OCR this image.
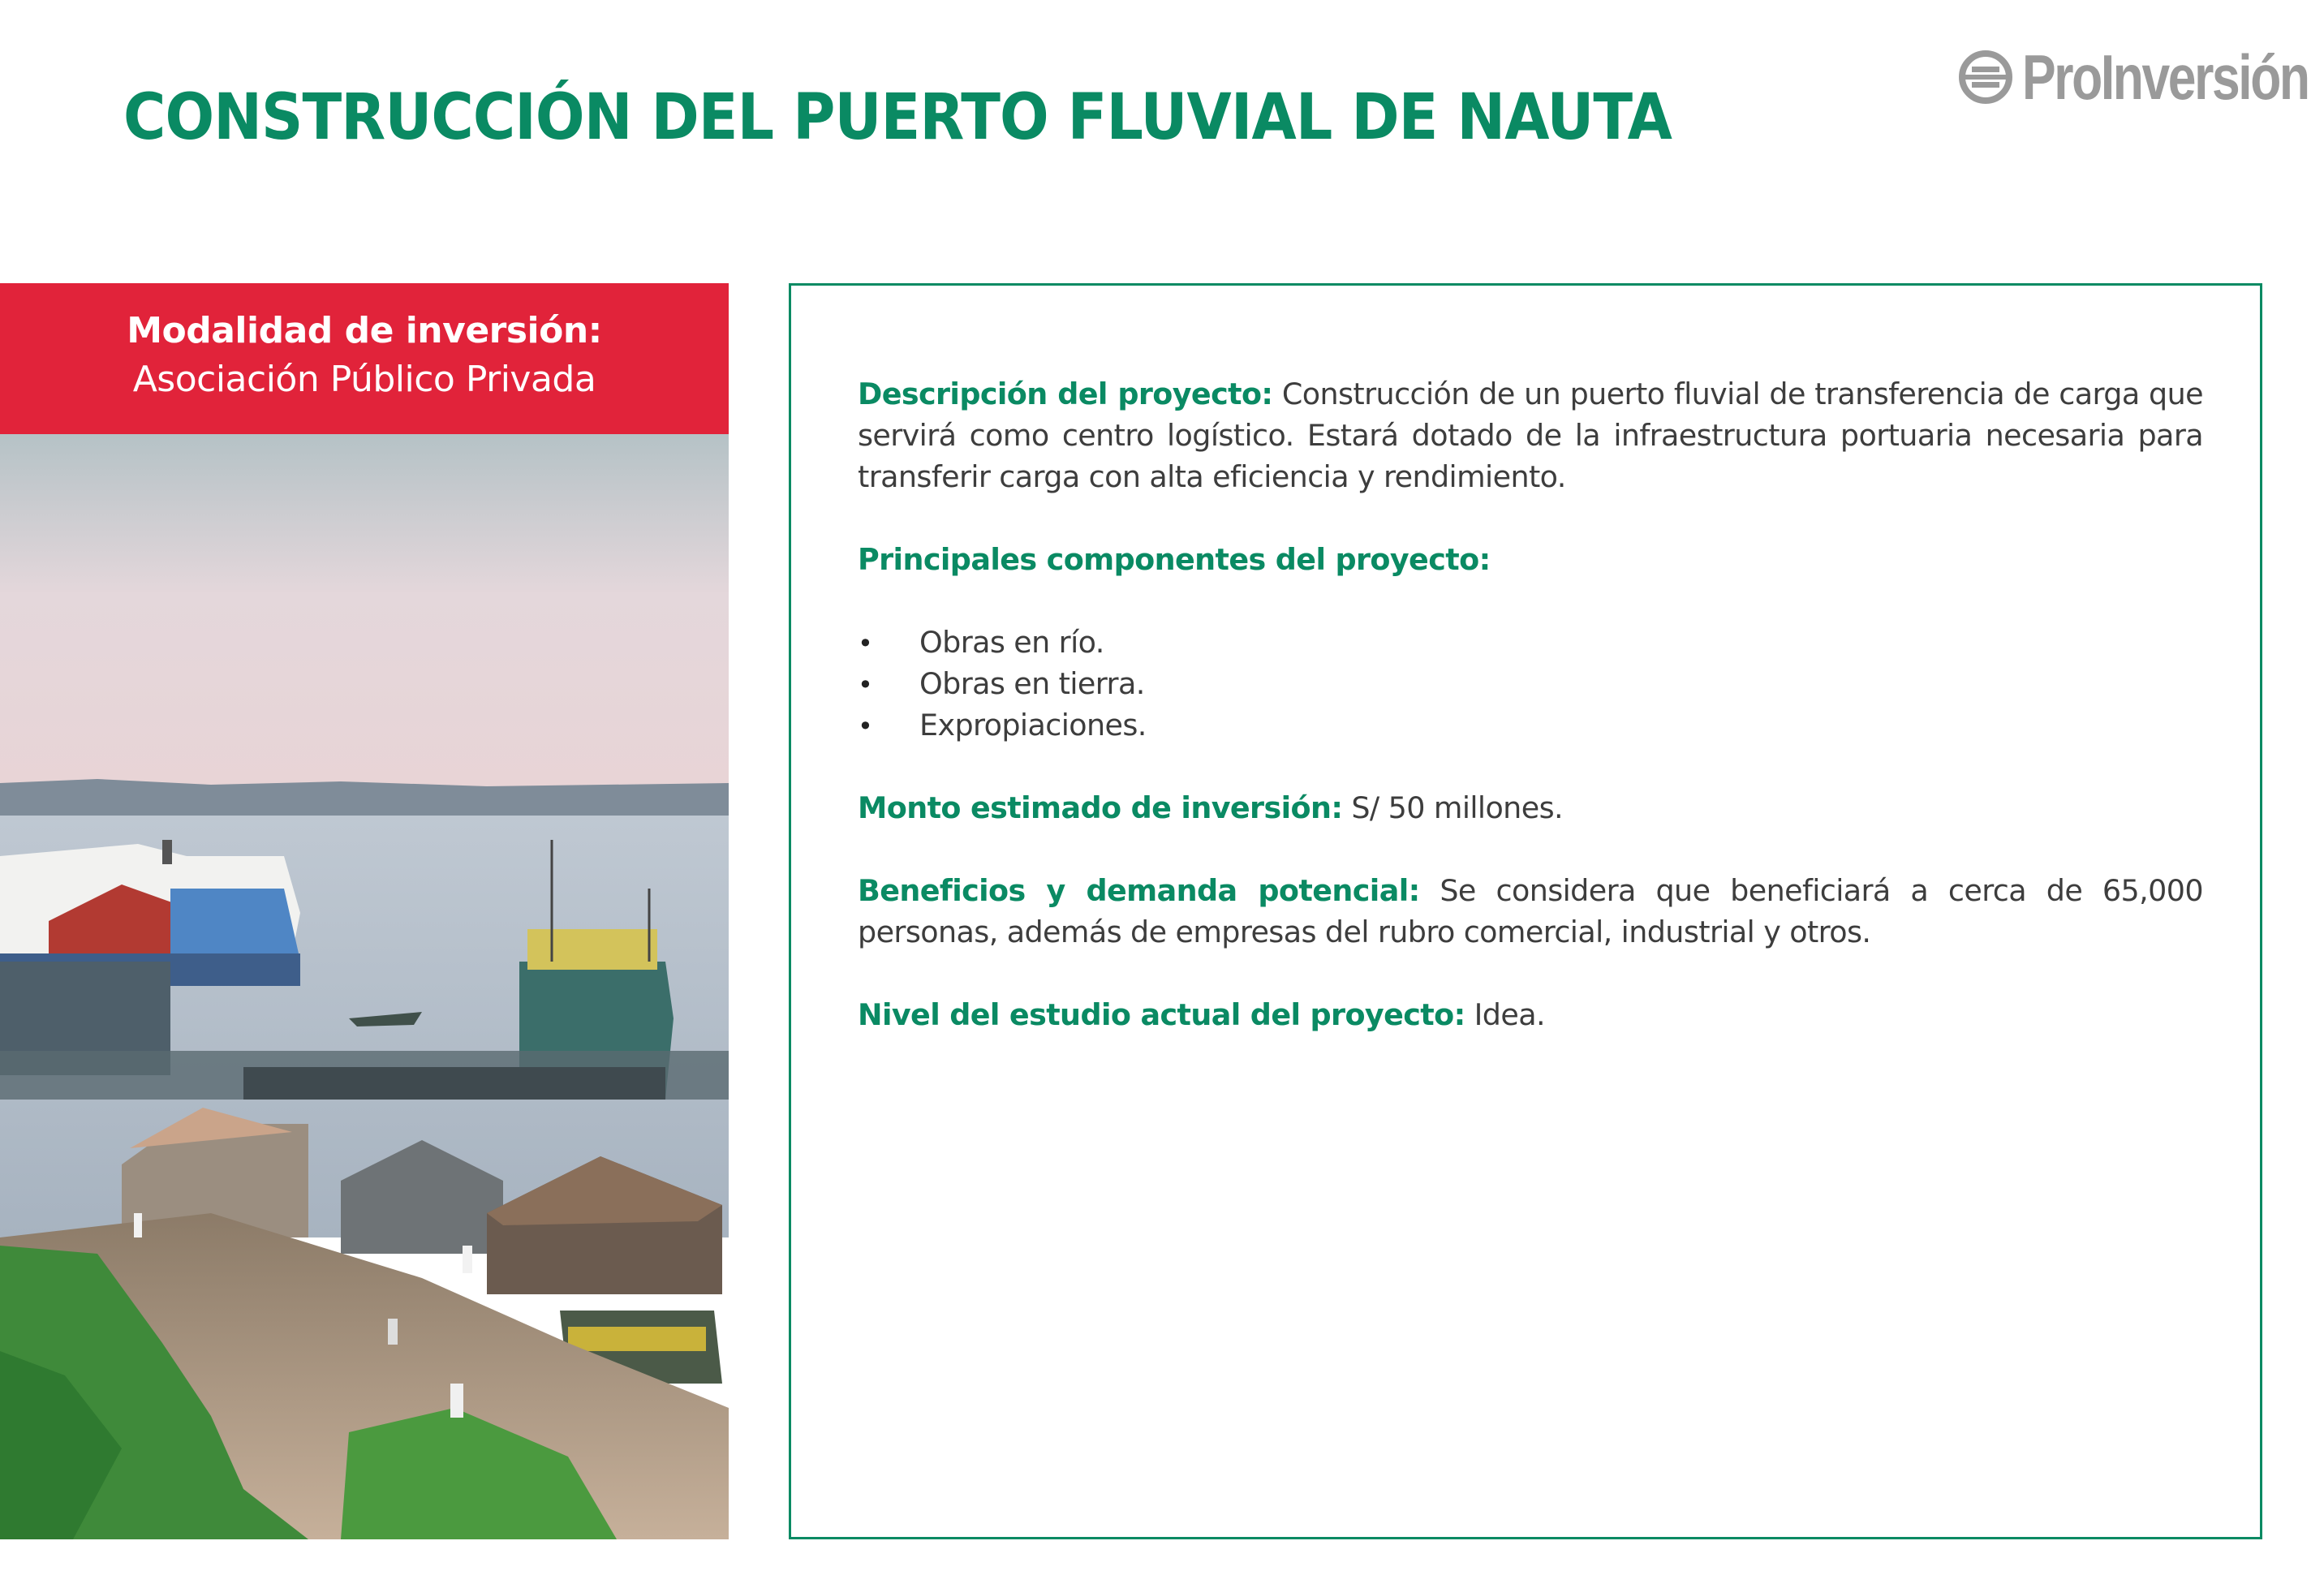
ProInversión
CONSTRUCCIÓN DEL PUERTO FLUVIAL DE NAUTA
Modalidad de inversión:
Asociación Público Privada	Descripción del proyecto: Construcción de un puerto fluvial de transferencia de carga que servirá como centro logístico. Estará dotado de la infraestructura portuaria necesaria para transferir carga con alta eficiencia y rendimiento.

Principales componentes del proyecto:

•	Obras en río.
•	Obras en tierra.
•	Expropiaciones.

Monto estimado de inversión: S/ 50 millones.

Beneficios y demanda potencial: Se considera que beneficiará a cerca de 65,000 personas, además de empresas del rubro comercial, industrial y otros.

Nivel del estudio actual del proyecto: Idea.
